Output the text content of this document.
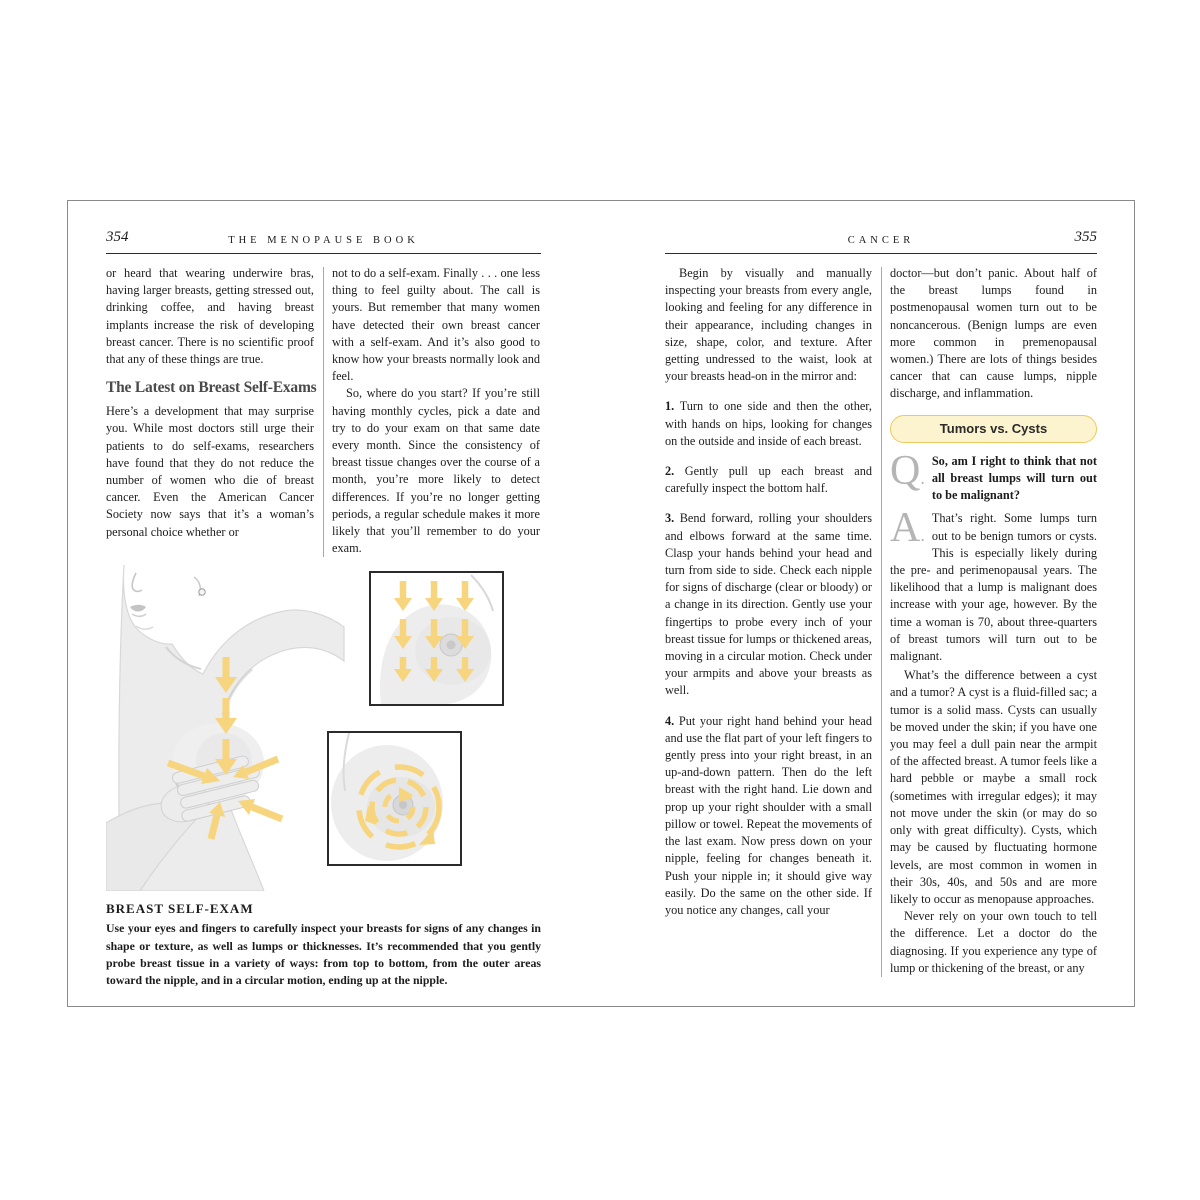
354	THE MENOPAUSE BOOK

or heard that wearing underwire bras, having larger breasts, getting stressed out, drinking coffee, and having breast implants increase the risk of developing breast cancer. There is no scientific proof that any of these things are true.

The Latest on Breast Self-Exams

Here’s a development that may surprise you. While most doctors still urge their patients to do self-exams, researchers have found that they do not reduce the number of women who die of breast cancer. Even the American Cancer Society now says that it’s a woman’s personal choice whether or

not to do a self-exam. Finally . . . one less thing to feel guilty about. The call is yours. But remember that many women have detected their own breast cancer with a self-exam. And it’s also good to know how your breasts normally look and feel.

So, where do you start? If you’re still having monthly cycles, pick a date and try to do your exam on that same date every month. Since the consistency of breast tissue changes over the course of a month, you’re more likely to detect differences. If you’re no longer getting periods, a regular schedule makes it more likely that you’ll remember to do your exam.

BREAST SELF-EXAM
Use your eyes and fingers to carefully inspect your breasts for signs of any changes in shape or texture, as well as lumps or thicknesses. It’s recommended that you gently probe breast tissue in a variety of ways: from top to bottom, from the outer areas toward the nipple, and in a circular motion, ending up at the nipple.
CANCER	355

Begin by visually and manually inspecting your breasts from every angle, looking and feeling for any difference in their appearance, including changes in size, shape, color, and texture. After getting undressed to the waist, look at your breasts head-on in the mirror and:

1. Turn to one side and then the other, with hands on hips, looking for changes on the outside and inside of each breast.

2. Gently pull up each breast and carefully inspect the bottom half.

3. Bend forward, rolling your shoulders and elbows forward at the same time. Clasp your hands behind your head and turn from side to side. Check each nipple for signs of discharge (clear or bloody) or a change in its direction. Gently use your fingertips to probe every inch of your breast tissue for lumps or thickened areas, moving in a circular motion. Check under your armpits and above your breasts as well.

4. Put your right hand behind your head and use the flat part of your left fingers to gently press into your right breast, in an up-and-down pattern. Then do the left breast with the right hand. Lie down and prop up your right shoulder with a small pillow or towel. Repeat the movements of the last exam. Now press down on your nipple, feeling for changes beneath it. Push your nipple in; it should give way easily. Do the same on the other side. If you notice any changes, call your

doctor—but don’t panic. About half of the breast lumps found in postmenopausal women turn out to be noncancerous. (Benign lumps are even more common in premenopausal women.) There are lots of things besides cancer that can cause lumps, nipple discharge, and inflammation.

Tumors vs. Cysts
Q.
So, am I right to think that not all breast lumps will turn out to be malignant?
A.
That’s right. Some lumps turn out to be benign tumors or cysts. This is especially likely during the pre- and perimenopausal years. The likelihood that a lump is malignant does increase with your age, however. By the time a woman is 70, about three-quarters of breast tumors will turn out to be malignant.

What’s the difference between a cyst and a tumor? A cyst is a fluid-filled sac; a tumor is a solid mass. Cysts can usually be moved under the skin; if you have one you may feel a dull pain near the armpit of the affected breast. A tumor feels like a hard pebble or maybe a small rock (sometimes with irregular edges); it may not move under the skin (or may do so only with great difficulty). Cysts, which may be caused by fluctuating hormone levels, are most common in women in their 30s, 40s, and 50s and are more likely to occur as menopause approaches.

Never rely on your own touch to tell the difference. Let a doctor do the diagnosing. If you experience any type of lump or thickening of the breast, or any
